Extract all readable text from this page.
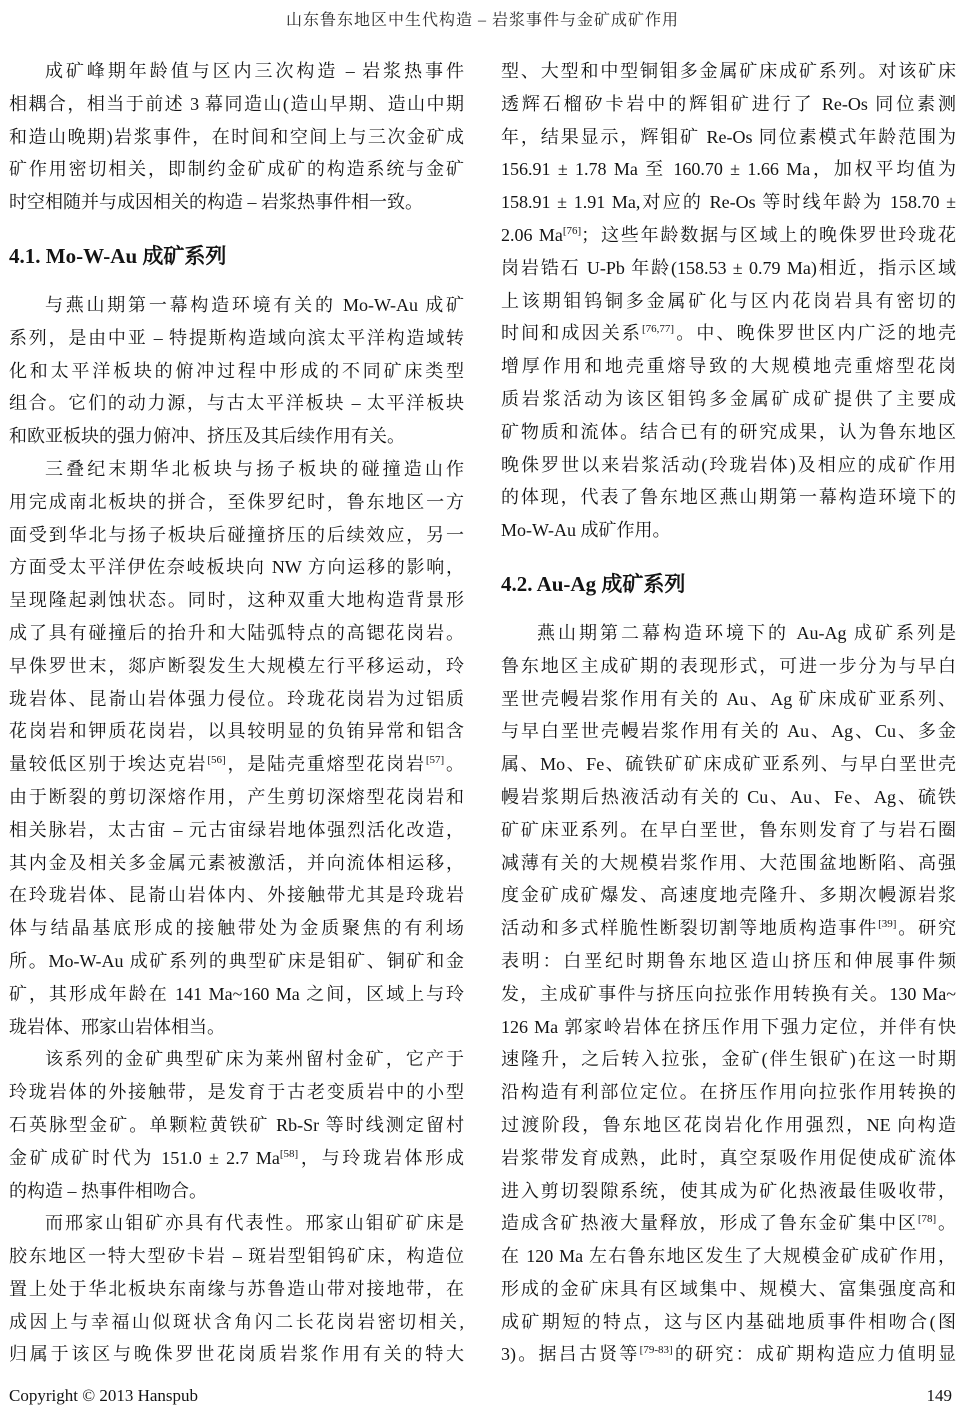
山东鲁东地区中生代构造 – 岩浆事件与金矿成矿作用
成矿峰期年龄值与区内三次构造 – 岩浆热事件
相耦合，相当于前述 3 幕同造山(造山早期、造山中期
和造山晚期)岩浆事件，在时间和空间上与三次金矿成
矿作用密切相关，即制约金矿成矿的构造系统与金矿
时空相随并与成因相关的构造 – 岩浆热事件相一致。
4.1. Mo-W-Au 成矿系列
与燕山期第一幕构造环境有关的 Mo-W-Au 成矿
系列，是由中亚 – 特提斯构造域向滨太平洋构造域转
化和太平洋板块的俯冲过程中形成的不同矿床类型
组合。它们的动力源，与古太平洋板块 – 太平洋板块
和欧亚板块的强力俯冲、挤压及其后续作用有关。
三叠纪末期华北板块与扬子板块的碰撞造山作
用完成南北板块的拼合，至侏罗纪时，鲁东地区一方
面受到华北与扬子板块后碰撞挤压的后续效应，另一
方面受太平洋伊佐奈岐板块向 NW 方向运移的影响，
呈现隆起剥蚀状态。同时，这种双重大地构造背景形
成了具有碰撞后的抬升和大陆弧特点的高锶花岗岩。
早侏罗世末，郯庐断裂发生大规模左行平移运动，玲
珑岩体、昆嵛山岩体强力侵位。玲珑花岗岩为过铝质
花岗岩和钾质花岗岩，以具较明显的负铕异常和铝含
量较低区别于埃达克岩[56]，是陆壳重熔型花岗岩[57]。
由于断裂的剪切深熔作用，产生剪切深熔型花岗岩和
相关脉岩，太古宙 – 元古宙绿岩地体强烈活化改造，
其内金及相关多金属元素被激活，并向流体相运移，
在玲珑岩体、昆嵛山岩体内、外接触带尤其是玲珑岩
体与结晶基底形成的接触带处为金质聚焦的有利场
所。Mo-W-Au 成矿系列的典型矿床是钼矿、铜矿和金
矿，其形成年龄在 141 Ma~160 Ma 之间，区域上与玲
珑岩体、邢家山岩体相当。
该系列的金矿典型矿床为莱州留村金矿，它产于
玲珑岩体的外接触带，是发育于古老变质岩中的小型
石英脉型金矿。单颗粒黄铁矿 Rb-Sr 等时线测定留村
金矿成矿时代为 151.0 ± 2.7 Ma[58]，与玲珑岩体形成
的构造 – 热事件相吻合。
而邢家山钼矿亦具有代表性。邢家山钼矿矿床是
胶东地区一特大型矽卡岩 – 斑岩型钼钨矿床，构造位
置上处于华北板块东南缘与苏鲁造山带对接地带，在
成因上与幸福山似斑状含角闪二长花岗岩密切相关,
归属于该区与晚侏罗世花岗质岩浆作用有关的特大
型、大型和中型铜钼多金属矿床成矿系列。对该矿床
透辉石榴矽卡岩中的辉钼矿进行了 Re-Os 同位素测
年，结果显示，辉钼矿 Re-Os 同位素模式年龄范围为
156.91 ± 1.78 Ma 至 160.70 ± 1.66 Ma，加权平均值为
158.91 ± 1.91 Ma,对应的 Re-Os 等时线年龄为 158.70 ±
2.06 Ma[76]；这些年龄数据与区域上的晚侏罗世玲珑花
岗岩锆石 U-Pb 年龄(158.53 ± 0.79 Ma)相近，指示区域
上该期钼钨铜多金属矿化与区内花岗岩具有密切的
时间和成因关系[76,77]。中、晚侏罗世区内广泛的地壳
增厚作用和地壳重熔导致的大规模地壳重熔型花岗
质岩浆活动为该区钼钨多金属矿成矿提供了主要成
矿物质和流体。结合已有的研究成果，认为鲁东地区
晚侏罗世以来岩浆活动(玲珑岩体)及相应的成矿作用
的体现，代表了鲁东地区燕山期第一幕构造环境下的
Mo-W-Au 成矿作用。
4.2. Au-Ag 成矿系列
燕山期第二幕构造环境下的 Au-Ag 成矿系列是
鲁东地区主成矿期的表现形式，可进一步分为与早白
垩世壳幔岩浆作用有关的 Au、Ag 矿床成矿亚系列、
与早白垩世壳幔岩浆作用有关的 Au、Ag、Cu、多金
属、Mo、Fe、硫铁矿矿床成矿亚系列、与早白垩世壳
幔岩浆期后热液活动有关的 Cu、Au、Fe、Ag、硫铁
矿矿床亚系列。在早白垩世，鲁东则发育了与岩石圈
减薄有关的大规模岩浆作用、大范围盆地断陷、高强
度金矿成矿爆发、高速度地壳隆升、多期次幔源岩浆
活动和多式样脆性断裂切割等地质构造事件[39]。研究
表明：白垩纪时期鲁东地区造山挤压和伸展事件频
发，主成矿事件与挤压向拉张作用转换有关。130 Ma~
126 Ma 郭家岭岩体在挤压作用下强力定位，并伴有快
速隆升，之后转入拉张，金矿(伴生银矿)在这一时期
沿构造有利部位定位。在挤压作用向拉张作用转换的
过渡阶段，鲁东地区花岗岩化作用强烈，NE 向构造
岩浆带发育成熟，此时，真空泵吸作用促使成矿流体
进入剪切裂隙系统，使其成为矿化热液最佳吸收带，
造成含矿热液大量释放，形成了鲁东金矿集中区[78]。
在 120 Ma 左右鲁东地区发生了大规模金矿成矿作用，
形成的金矿床具有区域集中、规模大、富集强度高和
成矿期短的特点，这与区内基础地质事件相吻合(图
3)。据吕古贤等[79-83]的研究：成矿期构造应力值明显
Copyright © 2013 Hanspub	149
